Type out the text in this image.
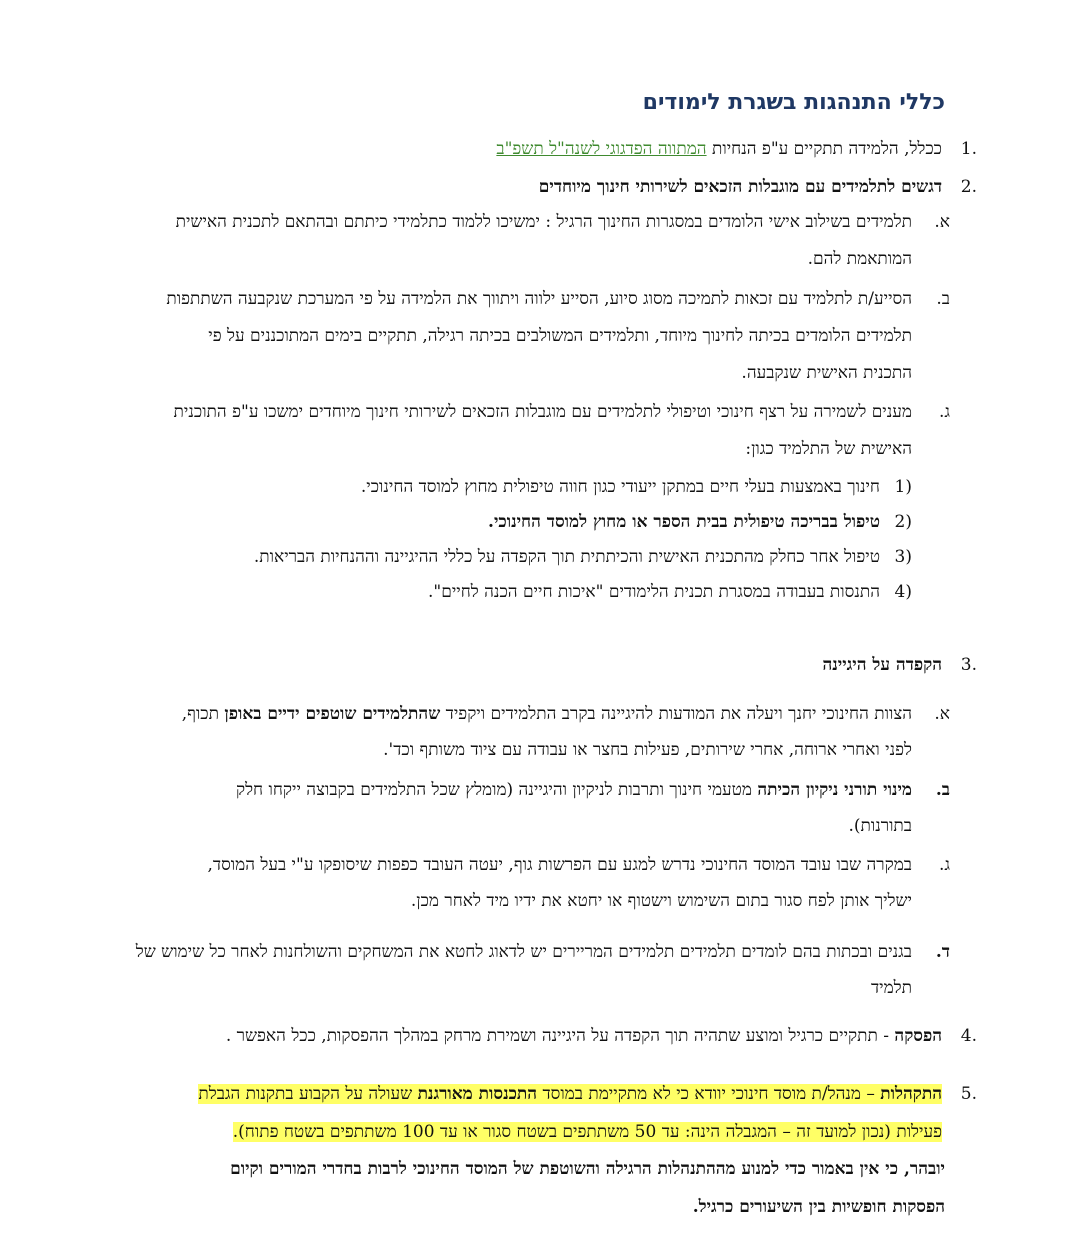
כללי התנהגות בשגרת לימודים
1.
ככלל, הלמידה תתקיים ע"פ הנחיות המתווה הפדגוגי לשנה"ל תשפ"ב
2.
דגשים לתלמידים עם מוגבלות הזכאים לשירותי חינוך מיוחדים
א.
תלמידים בשילוב אישי הלומדים במסגרות החינוך הרגיל : ימשיכו ללמוד כתלמידי כיתתם ובהתאם לתכנית האישית
המותאמת להם.
ב.
הסייע/ת לתלמיד עם זכאות לתמיכה מסוג סיוע, הסייע ילווה ויתווך את הלמידה על פי המערכת שנקבעה השתתפות
תלמידים הלומדים בכיתה לחינוך מיוחד, ותלמידים המשולבים בכיתה רגילה, תתקיים בימים המתוכננים על פי
התכנית האישית שנקבעה.
ג.
מענים לשמירה על רצף חינוכי וטיפולי לתלמידים עם מוגבלות הזכאים לשירותי חינוך מיוחדים ימשכו ע"פ התוכנית
האישית של התלמיד כגון:
1)
חינוך באמצעות בעלי חיים במתקן ייעודי כגון חווה טיפולית מחוץ למוסד החינוכי.
2)
טיפול בבריכה טיפולית בבית הספר או מחוץ למוסד החינוכי.
3)
טיפול אחר כחלק מהתכנית האישית והכיתתית תוך הקפדה על כללי ההיגיינה וההנחיות הבריאות.
4)
התנסות בעבודה במסגרת תכנית הלימודים "איכות חיים הכנה לחיים".
3.
הקפדה על היגיינה
א.
הצוות החינוכי יחנך ויעלה את המודעות להיגיינה בקרב התלמידים ויקפיד שהתלמידים שוטפים ידיים באופן תכוף,
לפני ואחרי ארוחה, אחרי שירותים, פעילות בחצר או עבודה עם ציוד משותף וכד'.
ב.
מינוי תורני ניקיון הכיתה מטעמי חינוך ותרבות לניקיון והיגיינה (מומלץ שכל התלמידים בקבוצה ייקחו חלק
בתורנות).
ג.
במקרה שבו עובד המוסד החינוכי נדרש למגע עם הפרשות גוף, יעטה העובד כפפות שיסופקו ע"י בעל המוסד,
ישליך אותן לפח סגור בתום השימוש וישטוף או יחטא את ידיו מיד לאחר מכן.
ד.
בגנים ובכתות בהם לומדים תלמידים תלמידים המריירים יש לדאוג לחטא את המשחקים והשולחנות לאחר כל שימוש של
תלמיד
4.
הפסקה - תתקיים כרגיל ומוצע שתהיה תוך הקפדה על היגיינה ושמירת מרחק במהלך ההפסקות, ככל האפשר .
5.
התקהלות – מנהל/ת מוסד חינוכי יוודא כי לא מתקיימת במוסד התכנסות מאורגנת שעולה על הקבוע בתקנות הגבלת
פעילות (נכון למועד זה – המגבלה הינה: עד 50 משתתפים בשטח סגור או עד 100 משתתפים בשטח פתוח).
יובהר, כי אין באמור כדי למנוע מההתנהלות הרגילה והשוטפת של המוסד החינוכי לרבות בחדרי המורים וקיום
הפסקות חופשיות בין השיעורים כרגיל.
